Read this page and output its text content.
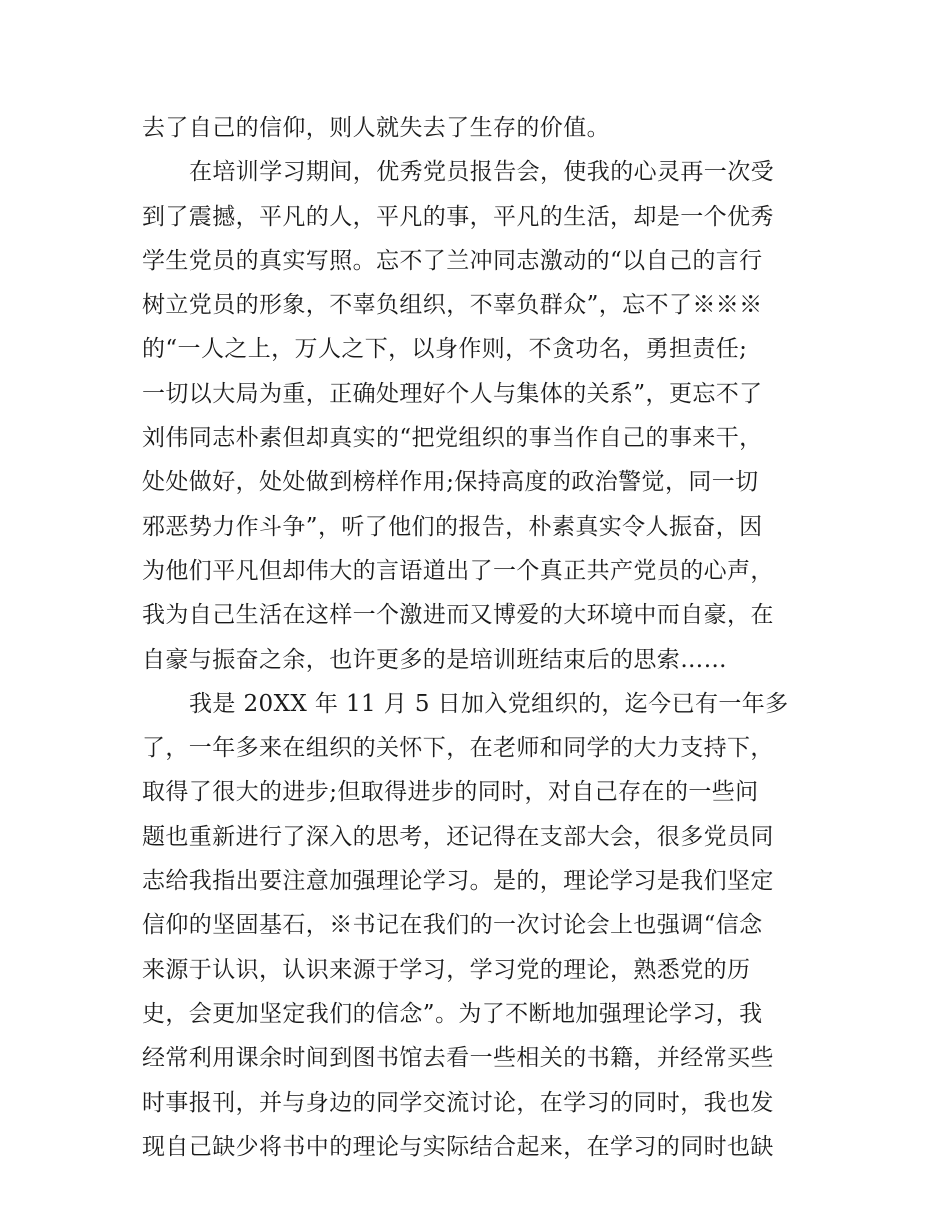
去了自己的信仰，则人就失去了生存的价值。
在培训学习期间，优秀党员报告会，使我的心灵再一次受
到了震撼，平凡的人，平凡的事，平凡的生活，却是一个优秀
学生党员的真实写照。忘不了兰冲同志激动的“以自己的言行
树立党员的形象，不辜负组织，不辜负群众”，忘不了※※※
的“一人之上，万人之下，以身作则，不贪功名，勇担责任;
一切以大局为重，正确处理好个人与集体的关系”，更忘不了
刘伟同志朴素但却真实的“把党组织的事当作自己的事来干，
处处做好，处处做到榜样作用;保持高度的政治警觉，同一切
邪恶势力作斗争”，听了他们的报告，朴素真实令人振奋，因
为他们平凡但却伟大的言语道出了一个真正共产党员的心声，
我为自己生活在这样一个激进而又博爱的大环境中而自豪，在
自豪与振奋之余，也许更多的是培训班结束后的思索……
我是 20XX 年 11 月 5 日加入党组织的，迄今已有一年多
了，一年多来在组织的关怀下，在老师和同学的大力支持下，
取得了很大的进步;但取得进步的同时，对自己存在的一些问
题也重新进行了深入的思考，还记得在支部大会，很多党员同
志给我指出要注意加强理论学习。是的，理论学习是我们坚定
信仰的坚固基石，※书记在我们的一次讨论会上也强调“信念
来源于认识，认识来源于学习，学习党的理论，熟悉党的历
史，会更加坚定我们的信念”。为了不断地加强理论学习，我
经常利用课余时间到图书馆去看一些相关的书籍，并经常买些
时事报刊，并与身边的同学交流讨论，在学习的同时，我也发
现自己缺少将书中的理论与实际结合起来，在学习的同时也缺
